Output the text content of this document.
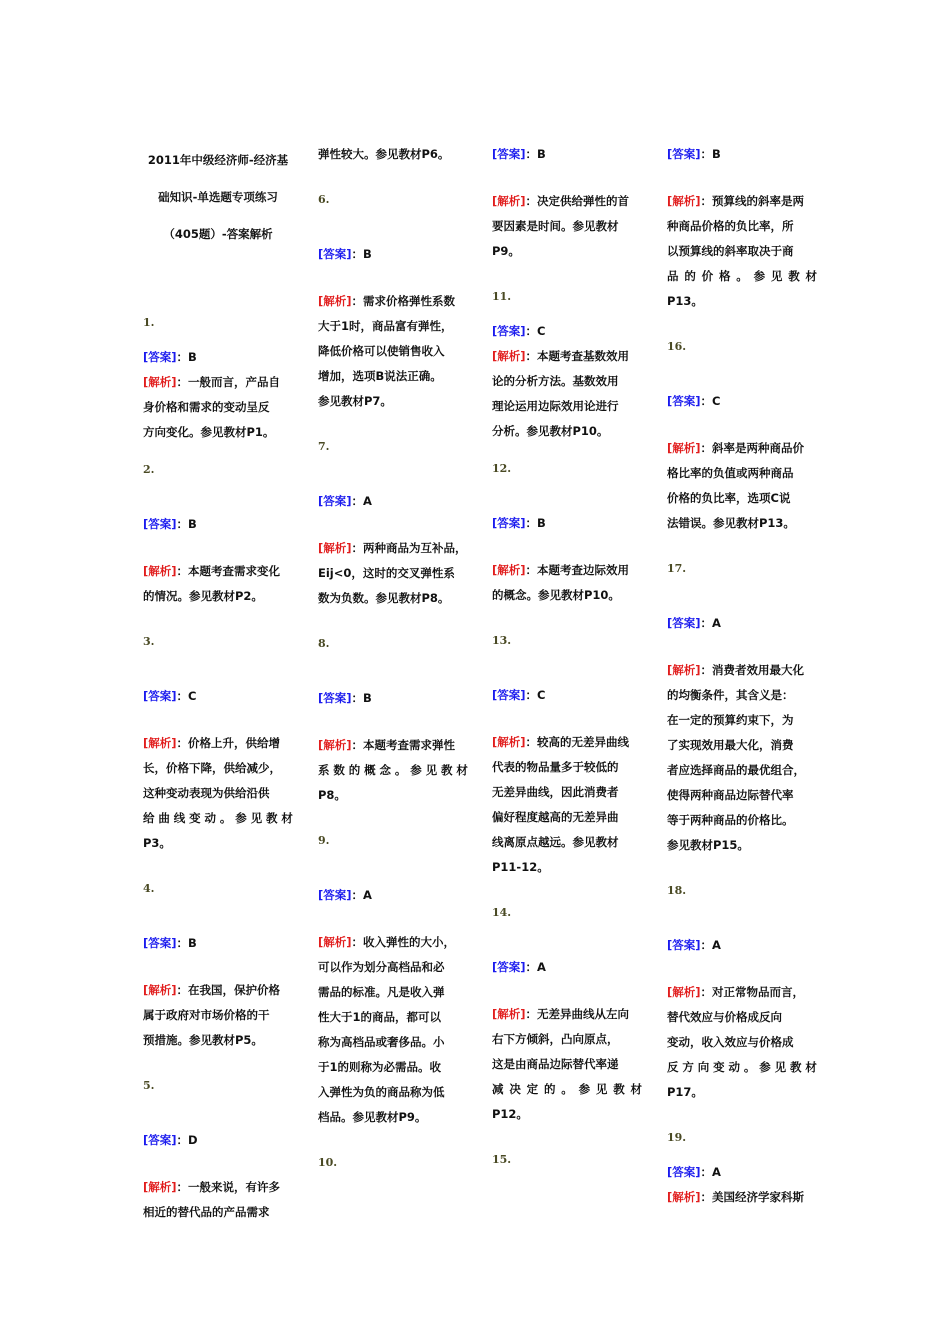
2011年中级经济师-经济基
础知识-单选题专项练习
（405题）-答案解析
1.
[答案]：B
[解析]：一般而言，产品自
身价格和需求的变动呈反
方向变化。参见教材P1。
2.
[答案]：B
[解析]：本题考查需求变化
的情况。参见教材P2。
3.
[答案]：C
[解析]：价格上升，供给增
长，价格下降，供给减少，
这种变动表现为供给沿供
给 曲 线 变 动 。 参 见 教 材
P3。
4.
[答案]：B
[解析]：在我国，保护价格
属于政府对市场价格的干
预措施。参见教材P5。
5.
[答案]：D
[解析]：一般来说，有许多
相近的替代品的产品需求
弹性较大。参见教材P6。
6.
[答案]：B
[解析]：需求价格弹性系数
大于1时，商品富有弹性，
降低价格可以使销售收入
增加，选项B说法正确。
参见教材P7。
7.
[答案]：A
[解析]：两种商品为互补品，
Eij<0，这时的交叉弹性系
数为负数。参见教材P8。
8.
[答案]：B
[解析]：本题考查需求弹性
系 数 的 概 念 。 参 见 教 材
P8。
9.
[答案]：A
[解析]：收入弹性的大小，
可以作为划分高档品和必
需品的标准。凡是收入弹
性大于1的商品，都可以
称为高档品或奢侈品。小
于1的则称为必需品。收
入弹性为负的商品称为低
档品。参见教材P9。
10.
[答案]：B
[解析]：决定供给弹性的首
要因素是时间。参见教材
P9。
11.
[答案]：C
[解析]：本题考查基数效用
论的分析方法。基数效用
理论运用边际效用论进行
分析。参见教材P10。
12.
[答案]：B
[解析]：本题考查边际效用
的概念。参见教材P10。
13.
[答案]：C
[解析]：较高的无差异曲线
代表的物品量多于较低的
无差异曲线，因此消费者
偏好程度越高的无差异曲
线离原点越远。参见教材
P11-12。
14.
[答案]：A
[解析]：无差异曲线从左向
右下方倾斜，凸向原点，
这是由商品边际替代率递
减 决 定 的 。 参 见 教 材
P12。
15.
[答案]：B
[解析]：预算线的斜率是两
种商品价格的负比率，所
以预算线的斜率取决于商
品 的 价 格 。 参 见 教 材
P13。
16.
[答案]：C
[解析]：斜率是两种商品价
格比率的负值或两种商品
价格的负比率，选项C说
法错误。参见教材P13。
17.
[答案]：A
[解析]：消费者效用最大化
的均衡条件，其含义是：
在一定的预算约束下，为
了实现效用最大化，消费
者应选择商品的最优组合，
使得两种商品边际替代率
等于两种商品的价格比。
参见教材P15。
18.
[答案]：A
[解析]：对正常物品而言，
替代效应与价格成反向
变动，收入效应与价格成
反 方 向 变 动 。 参 见 教 材
P17。
19.
[答案]：A
[解析]：美国经济学家科斯
